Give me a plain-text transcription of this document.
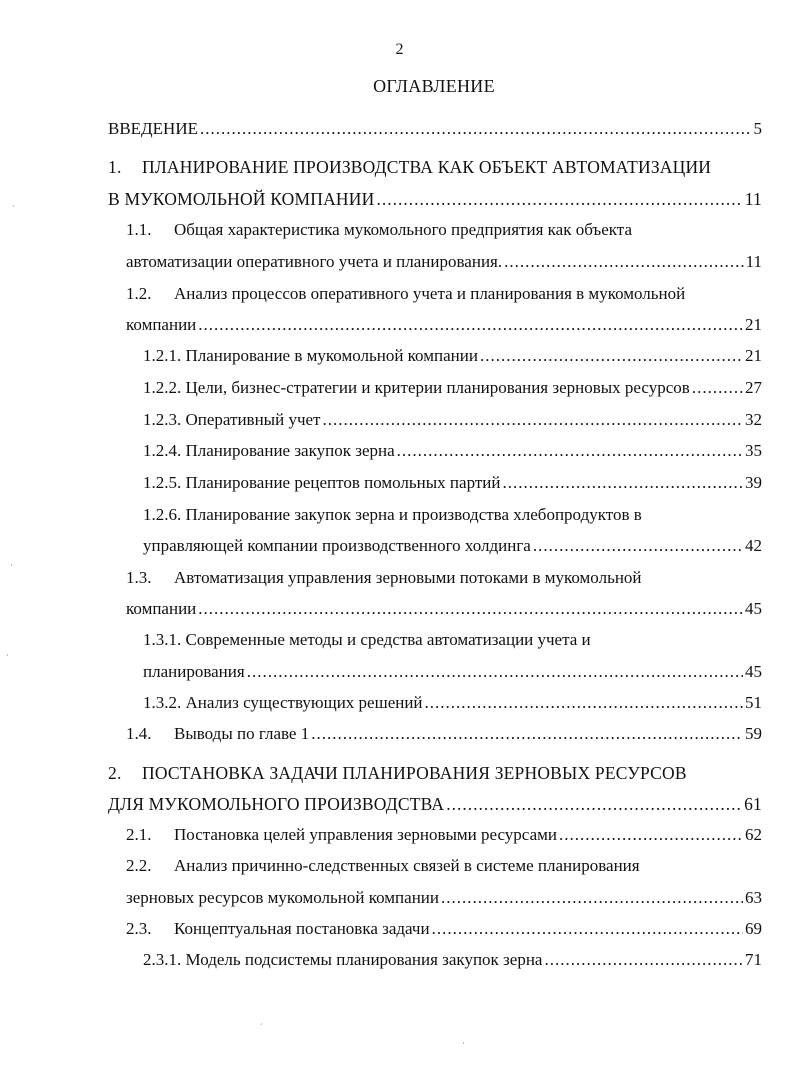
2
ОГЛАВЛЕНИЕ
ВВЕДЕНИЕ .....	5
1. ПЛАНИРОВАНИЕ ПРОИЗВОДСТВА КАК ОБЪЕКТ АВТОМАТИЗАЦИИ
В МУКОМОЛЬНОЙ КОМПАНИИ .....	11
1.1. Общая характеристика мукомольного предприятия как объекта
автоматизации оперативного учета и планирования. .....	11
1.2. Анализ процессов оперативного учета и планирования в мукомольной
компании .....	21
1.2.1. Планирование в мукомольной компании .....	21
1.2.2. Цели, бизнес-стратегии и критерии планирования зерновых ресурсов .....	27
1.2.3. Оперативный учет .....	32
1.2.4. Планирование закупок зерна .....	35
1.2.5. Планирование рецептов помольных партий .....	39
1.2.6. Планирование закупок зерна и производства хлебопродуктов в
управляющей компании производственного холдинга .....	42
1.3. Автоматизация управления зерновыми потоками в мукомольной
компании .....	45
1.3.1. Современные методы и средства автоматизации учета и
планирования .....	45
1.3.2. Анализ существующих решений .....	51
1.4. Выводы по главе 1 .....	59
2. ПОСТАНОВКА ЗАДАЧИ ПЛАНИРОВАНИЯ ЗЕРНОВЫХ РЕСУРСОВ
ДЛЯ МУКОМОЛЬНОГО ПРОИЗВОДСТВА .....	61
2.1. Постановка целей управления зерновыми ресурсами .....	62
2.2. Анализ причинно-следственных связей в системе планирования
зерновых ресурсов мукомольной компании .....	63
2.3. Концептуальная постановка задачи .....	69
2.3.1. Модель подсистемы планирования закупок зерна .....	71
´
·
·
´
·
